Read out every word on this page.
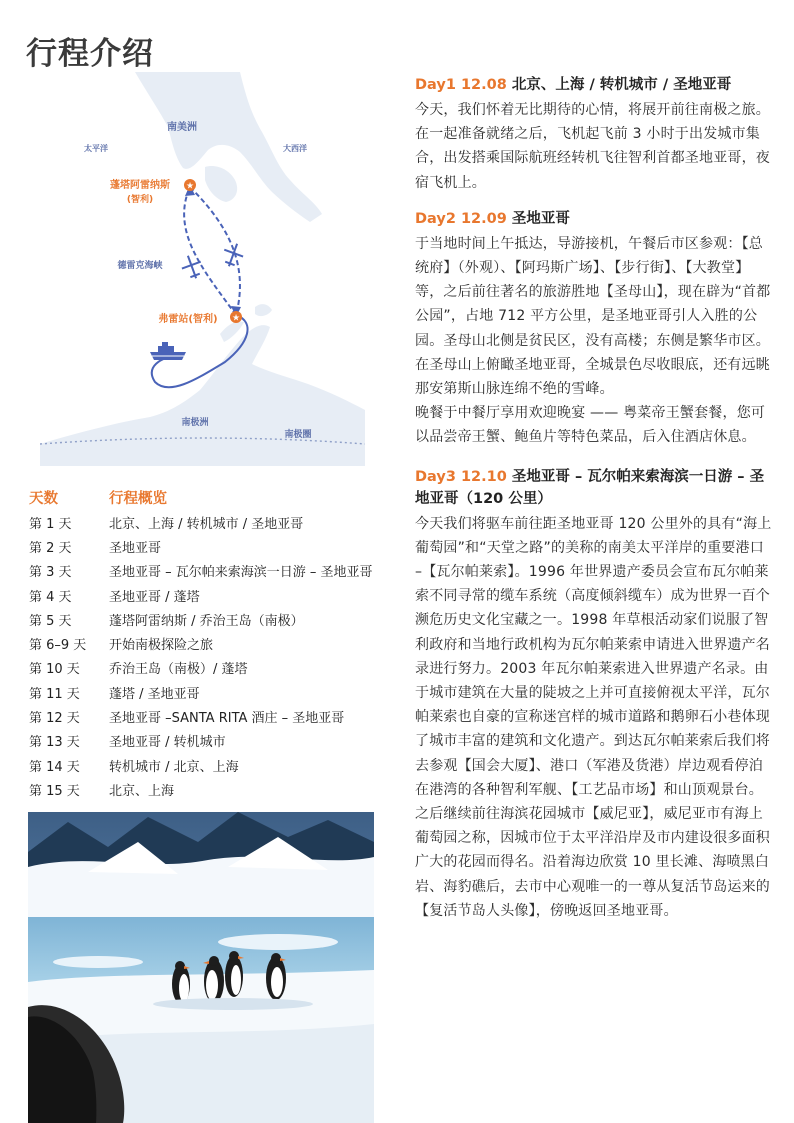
行程介绍
★
★
南美洲
太平洋	大西洋
蓬塔阿雷纳斯
(智利)
德雷克海峡
弗雷站(智利)
南极洲
南极圈
天数	行程概览
第 1 天	北京、上海 / 转机城市 / 圣地亚哥
第 2 天	圣地亚哥
第 3 天	圣地亚哥 – 瓦尔帕来索海滨一日游 – 圣地亚哥
第 4 天	圣地亚哥 / 蓬塔
第 5 天	蓬塔阿雷纳斯 / 乔治王岛（南极）
第 6–9 天	开始南极探险之旅
第 10 天	乔治王岛（南极）/ 蓬塔
第 11 天	蓬塔 / 圣地亚哥
第 12 天	圣地亚哥 –SANTA RITA 酒庄 – 圣地亚哥
第 13 天	圣地亚哥 / 转机城市
第 14 天	转机城市 / 北京、上海
第 15 天	北京、上海

Day1 12.08 北京、上海 / 转机城市 / 圣地亚哥

今天，我们怀着无比期待的心情，将展开前往南极之旅。在一起准备就绪之后，飞机起飞前 3 小时于出发城市集合，出发搭乘国际航班经转机飞往智利首都圣地亚哥，夜宿飞机上。

Day2 12.09 圣地亚哥

于当地时间上午抵达，导游接机，午餐后市区参观：【总统府】（外观）、【阿玛斯广场】、【步行街】、【大教堂】等，之后前往著名的旅游胜地【圣母山】，现在辟为“首都公园”，占地 712 平方公里，是圣地亚哥引人入胜的公园。圣母山北侧是贫民区，没有高楼；东侧是繁华市区。在圣母山上俯瞰圣地亚哥，全城景色尽收眼底，还有远眺那安第斯山脉连绵不绝的雪峰。

晚餐于中餐厅享用欢迎晚宴 —— 粤菜帝王蟹套餐，您可以品尝帝王蟹、鲍鱼片等特色菜品，后入住酒店休息。

Day3 12.10 圣地亚哥 – 瓦尔帕来索海滨一日游 – 圣地亚哥（120 公里）

今天我们将驱车前往距圣地亚哥 120 公里外的具有“海上葡萄园”和“天堂之路”的美称的南美太平洋岸的重要港口 –【瓦尔帕莱索】。1996 年世界遗产委员会宣布瓦尔帕莱索不同寻常的缆车系统（高度倾斜缆车）成为世界一百个濒危历史文化宝藏之一。1998 年草根活动家们说服了智利政府和当地行政机构为瓦尔帕莱索申请进入世界遗产名录进行努力。2003 年瓦尔帕莱索进入世界遗产名录。由于城市建筑在大量的陡坡之上并可直接俯视太平洋，瓦尔帕莱索也自豪的宣称迷宫样的城市道路和鹅卵石小巷体现了城市丰富的建筑和文化遗产。到达瓦尔帕莱索后我们将去参观【国会大厦】、港口（军港及货港）岸边观看停泊在港湾的各种智利军舰、【工艺品市场】和山顶观景台。之后继续前往海滨花园城市【威尼亚】，威尼亚市有海上葡萄园之称，因城市位于太平洋沿岸及市内建设很多面积广大的花园而得名。沿着海边欣赏 10 里长滩、海喷黑白岩、海豹礁后，去市中心观唯一的一尊从复活节岛运来的【复活节岛人头像】，傍晚返回圣地亚哥。
